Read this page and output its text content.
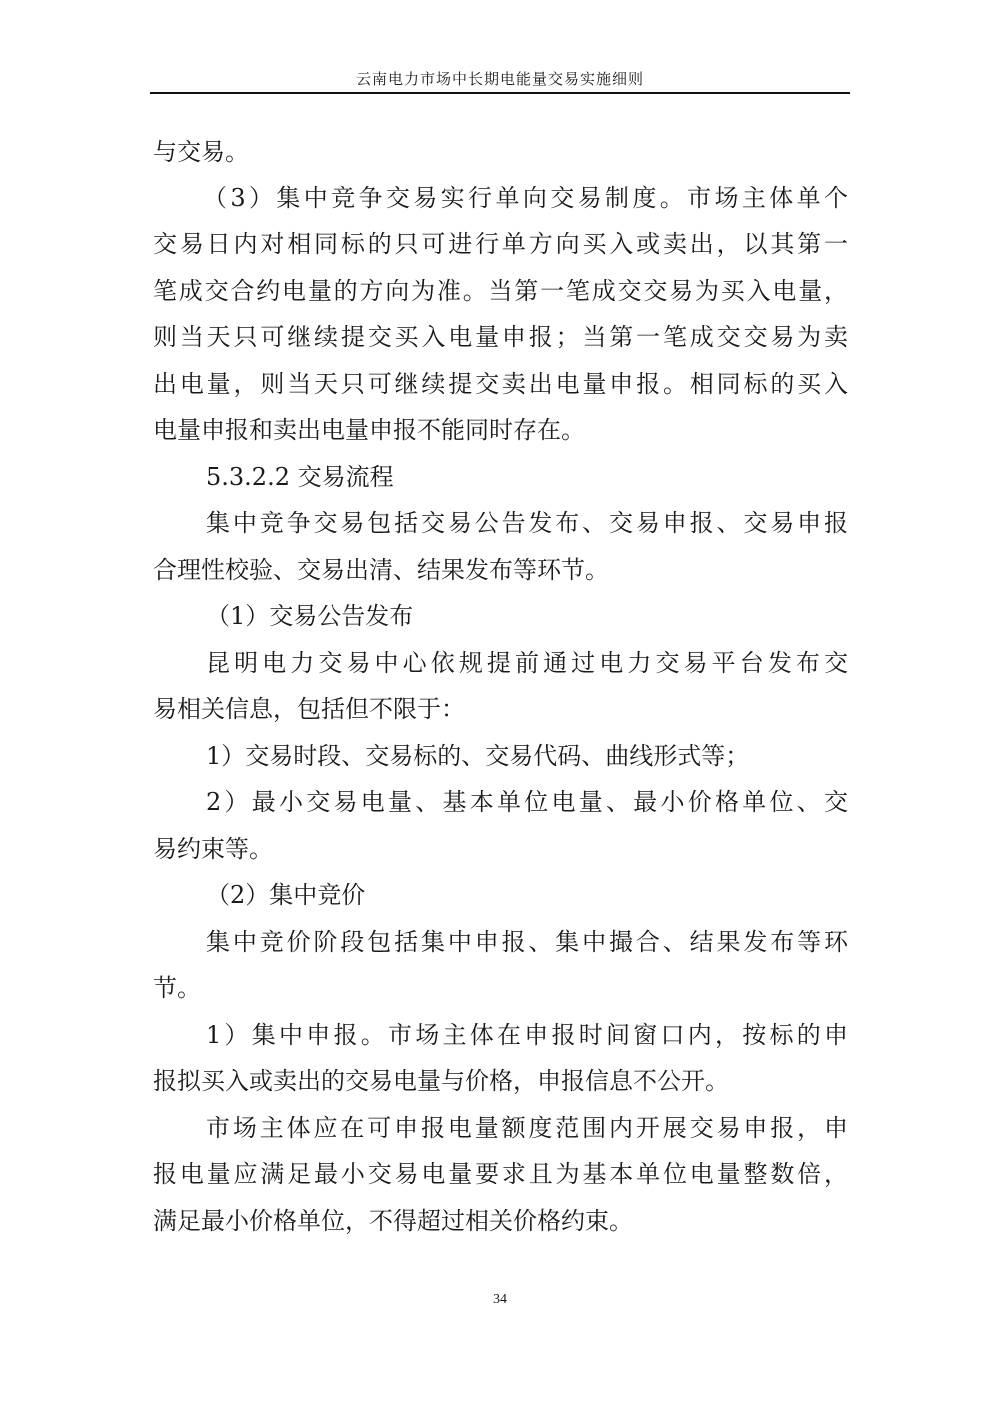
云南电力市场中长期电能量交易实施细则
与交易。
（3）集中竞争交易实行单向交易制度。市场主体单个
交易日内对相同标的只可进行单方向买入或卖出，以其第一
笔成交合约电量的方向为准。当第一笔成交交易为买入电量，
则当天只可继续提交买入电量申报；当第一笔成交交易为卖
出电量，则当天只可继续提交卖出电量申报。相同标的买入
电量申报和卖出电量申报不能同时存在。
5.3.2.2 交易流程
集中竞争交易包括交易公告发布、交易申报、交易申报
合理性校验、交易出清、结果发布等环节。
（1）交易公告发布
昆明电力交易中心依规提前通过电力交易平台发布交
易相关信息，包括但不限于：
1）交易时段、交易标的、交易代码、曲线形式等；
2）最小交易电量、基本单位电量、最小价格单位、交
易约束等。
（2）集中竞价
集中竞价阶段包括集中申报、集中撮合、结果发布等环
节。
1）集中申报。市场主体在申报时间窗口内，按标的申
报拟买入或卖出的交易电量与价格，申报信息不公开。
市场主体应在可申报电量额度范围内开展交易申报，申
报电量应满足最小交易电量要求且为基本单位电量整数倍，
满足最小价格单位，不得超过相关价格约束。
34
